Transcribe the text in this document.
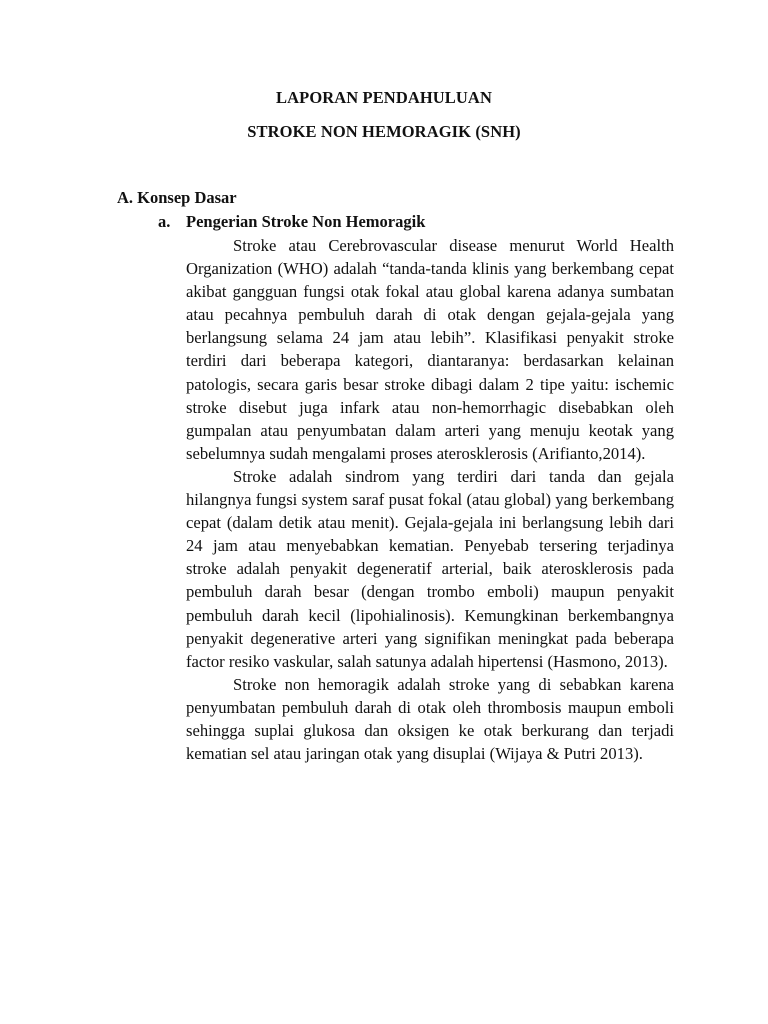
LAPORAN PENDAHULUAN
STROKE NON HEMORAGIK (SNH)
A. Konsep Dasar
a. Pengerian Stroke Non Hemoragik

Stroke atau Cerebrovascular disease menurut World Health Organization (WHO) adalah “tanda-tanda klinis yang berkembang cepat akibat gangguan fungsi otak fokal atau global karena adanya sumbatan atau pecahnya pembuluh darah di otak dengan gejala-gejala yang berlangsung selama 24 jam atau lebih”. Klasifikasi penyakit stroke terdiri dari beberapa kategori, diantaranya: berdasarkan kelainan patologis, secara garis besar stroke dibagi dalam 2 tipe yaitu: ischemic stroke disebut juga infark atau non-hemorrhagic disebabkan oleh gumpalan atau penyumbatan dalam arteri yang menuju keotak yang sebelumnya sudah mengalami proses aterosklerosis (Arifianto,2014).

Stroke adalah sindrom yang terdiri dari tanda dan gejala hilangnya fungsi system saraf pusat fokal (atau global) yang berkembang cepat (dalam detik atau menit). Gejala-gejala ini berlangsung lebih dari 24 jam atau menyebabkan kematian. Penyebab tersering terjadinya stroke adalah penyakit degeneratif arterial, baik aterosklerosis pada pembuluh darah besar (dengan trombo emboli) maupun penyakit pembuluh darah kecil (lipohialinosis). Kemungkinan berkembangnya penyakit degenerative arteri yang signifikan meningkat pada beberapa factor resiko vaskular, salah satunya adalah hipertensi (Hasmono, 2013).

Stroke non hemoragik adalah stroke yang di sebabkan karena penyumbatan pembuluh darah di otak oleh thrombosis maupun emboli sehingga suplai glukosa dan oksigen ke otak berkurang dan terjadi kematian sel atau jaringan otak yang disuplai (Wijaya & Putri 2013).
